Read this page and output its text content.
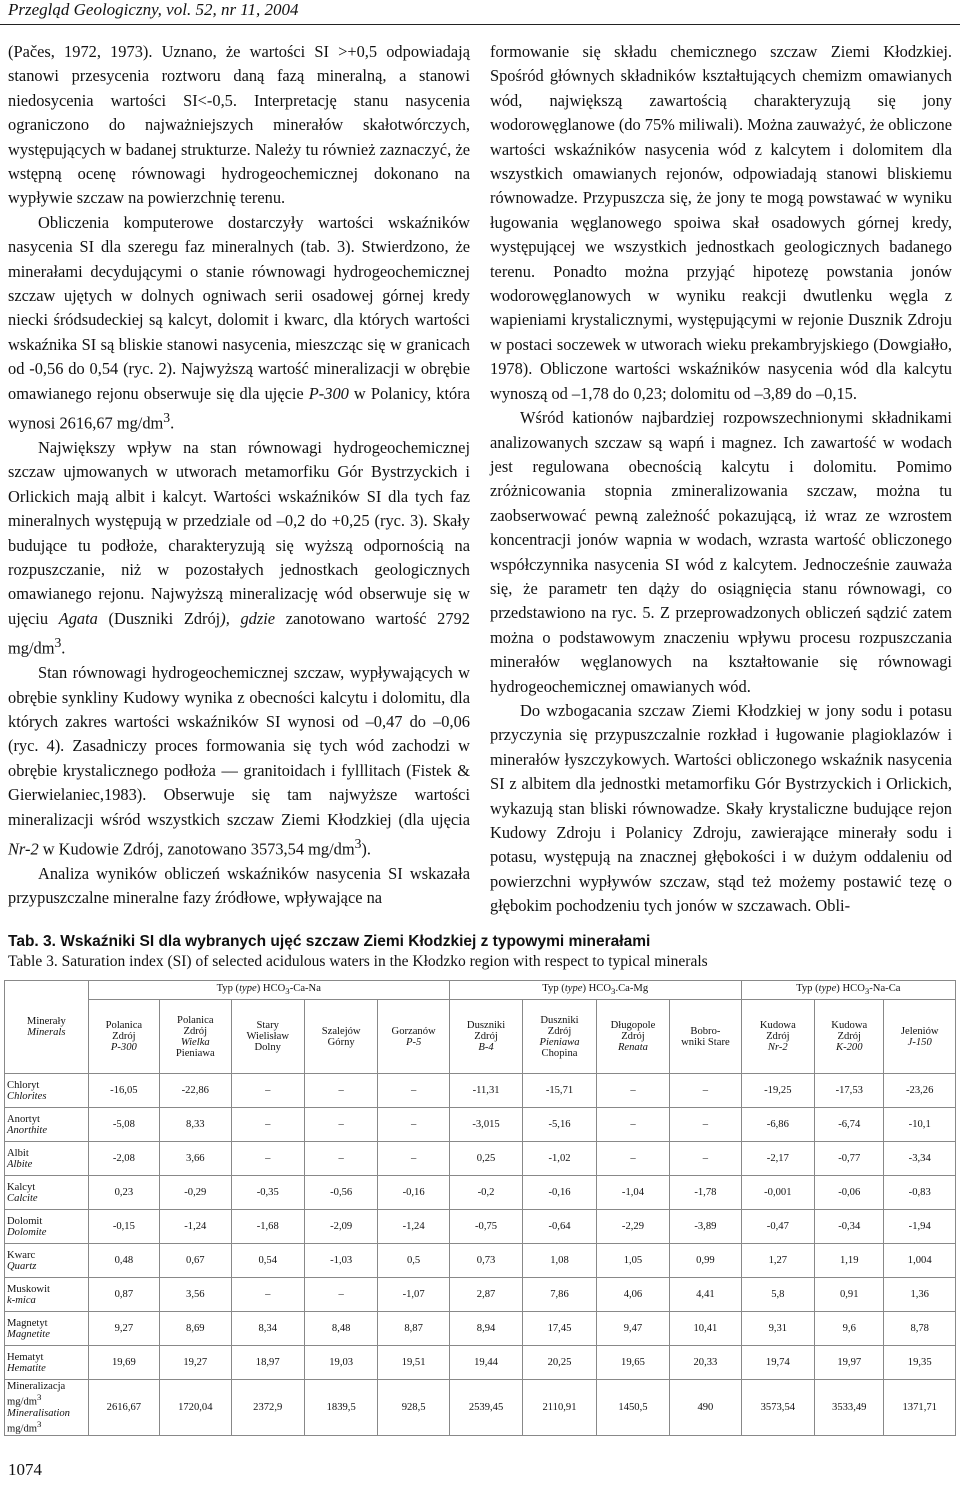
Przegląd Geologiczny, vol. 52, nr 11, 2004

(Pačes, 1972, 1973). Uznano, że wartości SI >+0,5 odpowiadają stanowi przesycenia roztworu daną fazą mineralną, a stanowi niedosycenia wartości SI<-0,5. Interpretację stanu nasycenia ograniczono do najważniejszych minerałów skałotwórczych, występujących w badanej strukturze. Należy tu również zaznaczyć, że wstępną ocenę równowagi hydrogeochemicznej dokonano na wypływie szczaw na powierzchnię terenu.

Obliczenia komputerowe dostarczyły wartości wskaźników nasycenia SI dla szeregu faz mineralnych (tab. 3). Stwierdzono, że minerałami decydującymi o stanie równowagi hydrogeochemicznej szczaw ujętych w dolnych ogniwach serii osadowej górnej kredy niecki śródsudeckiej są kalcyt, dolomit i kwarc, dla których wartości wskaźnika SI są bliskie stanowi nasycenia, mieszcząc się w granicach od -0,56 do 0,54 (ryc. 2). Najwyższą wartość mineralizacji w obrębie omawianego rejonu obserwuje się dla ujęcie P-300 w Polanicy, która wynosi 2616,67 $mg/dm^3$.

Największy wpływ na stan równowagi hydrogeochemicznej szczaw ujmowanych w utworach metamorfiku Gór Bystrzyckich i Orlickich mają albit i kalcyt. Wartości wskaźników SI dla tych faz mineralnych występują w przedziale od –0,2 do +0,25 (ryc. 3). Skały budujące tu podłoże, charakteryzują się wyższą odpornością na rozpuszczanie, niż w pozostałych jednostkach geologicznych omawianego rejonu. Najwyższą mineralizację wód obserwuje się w ujęciu Agata (Duszniki Zdrój), gdzie zanotowano wartość 2792 $mg/dm^3$.

Stan równowagi hydrogeochemicznej szczaw, wypływających w obrębie synkliny Kudowy wynika z obecności kalcytu i dolomitu, dla których zakres wartości wskaźników SI wynosi od –0,47 do –0,06 (ryc. 4). Zasadniczy proces formowania się tych wód zachodzi w obrębie krystalicznego podłoża — granitoidach i fylllitach (Fistek & Gierwielaniec,1983). Obserwuje się tam najwyższe wartości mineralizacji wśród wszystkich szczaw Ziemi Kłodzkiej (dla ujęcia Nr-2 w Kudowie Zdrój, zanotowano 3573,54 $mg/dm^3$).

Analiza wyników obliczeń wskaźników nasycenia SI wskazała przypuszczalne mineralne fazy źródłowe, wpływające na

formowanie się składu chemicznego szczaw Ziemi Kłodzkiej. Spośród głównych składników kształtujących chemizm omawianych wód, największą zawartością charakteryzują się jony wodorowęglanowe (do 75% miliwali). Można zauważyć, że obliczone wartości wskaźników nasycenia wód z kalcytem i dolomitem dla wszystkich omawianych rejonów, odpowiadają stanowi bliskiemu równowadze. Przypuszcza się, że jony te mogą powstawać w wyniku ługowania węglanowego spoiwa skał osadowych górnej kredy, występującej we wszystkich jednostkach geologicznych badanego terenu. Ponadto można przyjąć hipotezę powstania jonów wodorowęglanowych w wyniku reakcji dwutlenku węgla z wapieniami krystalicznymi, występującymi w rejonie Dusznik Zdroju w postaci soczewek w utworach wieku prekambryjskiego (Dowgiałło, 1978). Obliczone wartości wskaźników nasycenia wód dla kalcytu wynoszą od –1,78 do 0,23; dolomitu od –3,89 do –0,15.

Wśród kationów najbardziej rozpowszechnionymi składnikami analizowanych szczaw są wapń i magnez. Ich zawartość w wodach jest regulowana obecnością kalcytu i dolomitu. Pomimo zróżnicowania stopnia zmineralizowania szczaw, można tu zaobserwować pewną zależność pokazującą, iż wraz ze wzrostem koncentracji jonów wapnia w wodach, wzrasta wartość obliczonego współczynnika nasycenia SI wód z kalcytem. Jednocześnie zauważa się, że parametr ten dąży do osiągnięcia stanu równowagi, co przedstawiono na ryc. 5. Z przeprowadzonych obliczeń sądzić zatem można o podstawowym znaczeniu wpływu procesu rozpuszczania minerałów węglanowych na kształtowanie się równowagi hydrogeochemicznej omawianych wód.

Do wzbogacania szczaw Ziemi Kłodzkiej w jony sodu i potasu przyczynia się przypuszczalnie rozkład i ługowanie plagioklazów i minerałów łyszczykowych. Wartości obliczonego wskaźnik nasycenia SI z albitem dla jednostki metamorfiku Gór Bystrzyckich i Orlickich, wykazują stan bliski równowadze. Skały krystaliczne budujące rejon Kudowy Zdroju i Polanicy Zdroju, zawierające minerały sodu i potasu, występują na znacznej głębokości i w dużym oddaleniu od powierzchni wypływów szczaw, stąd też możemy postawić tezę o głębokim pochodzeniu tych jonów w szczawach. Obli-

Tab. 3. Wskaźniki SI dla wybranych ujęć szczaw Ziemi Kłodzkiej z typowymi minerałami
Table 3. Saturation index (SI) of selected acidulous waters in the Kłodzko region with respect to typical minerals
Minerały
Minerals	Typ (type) $HCO_3-Ca-Na$					Typ (type) $HCO_3.Ca-Mg$				Typ (type) $HCO_3-Na-Ca$		
	Polanica
Zdrój
P-300	Polanica
Zdrój
Wielka
Pieniawa	Stary
Wielisław
Dolny	Szalejów
Górny	Gorzanów
P-5	Duszniki
Zdrój
B-4	Duszniki
Zdrój
Pieniawa
Chopina	Długopole
Zdrój
Renata	Bobro-
wniki Stare	Kudowa
Zdrój
Nr-2	Kudowa
Zdrój
K-200	Jeleniów
J-150
Chloryt
Chlorites	-16,05	-22,86	–	–	–	-11,31	-15,71	–	–	-19,25	-17,53	-23,26
Anortyt
Anorthite	-5,08	8,33	–	–	–	-3,015	-5,16	–	–	-6,86	-6,74	-10,1
Albit
Albite	-2,08	3,66	–	–	–	0,25	-1,02	–	–	-2,17	-0,77	-3,34
Kalcyt
Calcite	0,23	-0,29	-0,35	-0,56	-0,16	-0,2	-0,16	-1,04	-1,78	-0,001	-0,06	-0,83
Dolomit
Dolomite	-0,15	-1,24	-1,68	-2,09	-1,24	-0,75	-0,64	-2,29	-3,89	-0,47	-0,34	-1,94
Kwarc
Quartz	0,48	0,67	0,54	-1,03	0,5	0,73	1,08	1,05	0,99	1,27	1,19	1,004
Muskowit
k-mica	0,87	3,56	–	–	-1,07	2,87	7,86	4,06	4,41	5,8	0,91	1,36
Magnetyt
Magnetite	9,27	8,69	8,34	8,48	8,87	8,94	17,45	9,47	10,41	9,31	9,6	8,78
Hematyt
Hematite	19,69	19,27	18,97	19,03	19,51	19,44	20,25	19,65	20,33	19,74	19,97	19,35
Mineralizacja
$mg/dm^3$
Mineralisation
$mg/dm^3$	2616,67	1720,04	2372,9	1839,5	928,5	2539,45	2110,91	1450,5	490	3573,54	3533,49	1371,71
1074
